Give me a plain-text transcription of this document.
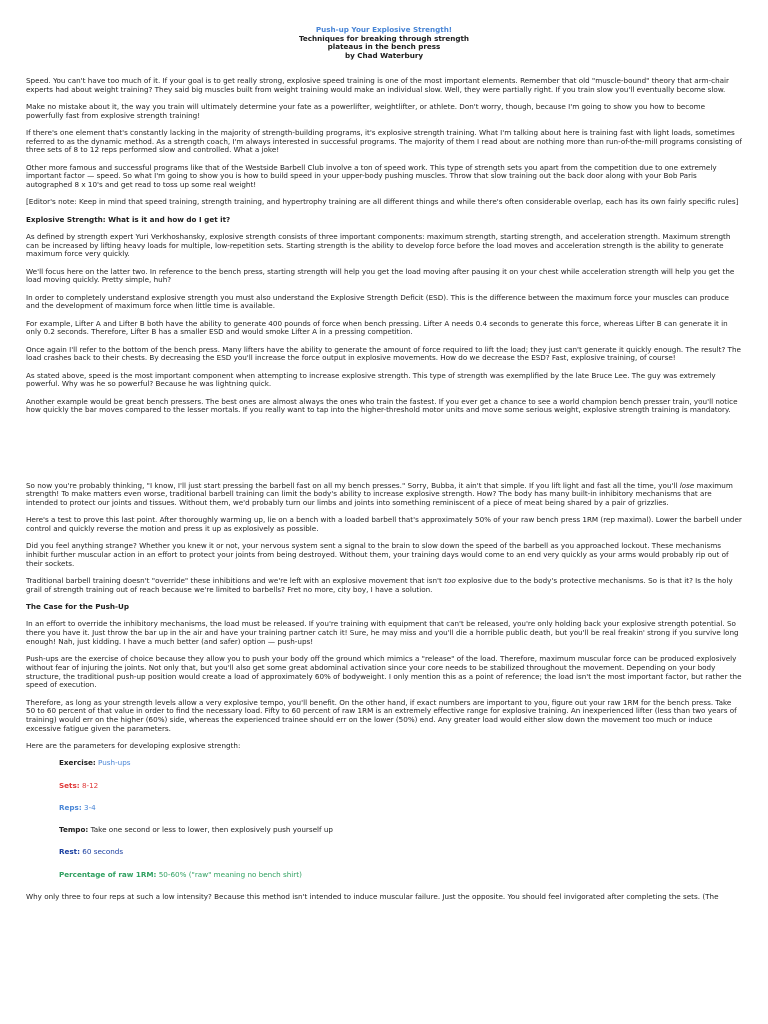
Push-up Your Explosive Strength!
Techniques for breaking through strength
plateaus in the bench press
by Chad Waterbury

Speed. You can't have too much of it. If your goal is to get really strong, explosive speed training is one of the most important elements. Remember that old "muscle-bound" theory that arm-chair experts had about weight training? They said big muscles built from weight training would make an individual slow. Well, they were partially right. If you train slow you'll eventually become slow.

Make no mistake about it, the way you train will ultimately determine your fate as a powerlifter, weightlifter, or athlete. Don't worry, though, because I'm going to show you how to become powerfully fast from explosive strength training!

If there's one element that's constantly lacking in the majority of strength-building programs, it's explosive strength training. What I'm talking about here is training fast with light loads, sometimes referred to as the dynamic method. As a strength coach, I'm always interested in successful programs. The majority of them I read about are nothing more than run-of-the-mill programs consisting of three sets of 8 to 12 reps performed slow and controlled. What a joke!

Other more famous and successful programs like that of the Westside Barbell Club involve a ton of speed work. This type of strength sets you apart from the competition due to one extremely important factor — speed. So what I'm going to show you is how to build speed in your upper-body pushing muscles. Throw that slow training out the back door along with your Bob Paris autographed 8 x 10's and get read to toss up some real weight!

[Editor's note: Keep in mind that speed training, strength training, and hypertrophy training are all different things and while there's often considerable overlap, each has its own fairly specific rules]

Explosive Strength: What is it and how do I get it?

As defined by strength expert Yuri Verkhoshansky, explosive strength consists of three important components: maximum strength, starting strength, and acceleration strength. Maximum strength can be increased by lifting heavy loads for multiple, low-repetition sets. Starting strength is the ability to develop force before the load moves and acceleration strength is the ability to generate maximum force very quickly.

We'll focus here on the latter two. In reference to the bench press, starting strength will help you get the load moving after pausing it on your chest while acceleration strength will help you get the load moving quickly. Pretty simple, huh?

In order to completely understand explosive strength you must also understand the Explosive Strength Deficit (ESD). This is the difference between the maximum force your muscles can produce and the development of maximum force when little time is available.

For example, Lifter A and Lifter B both have the ability to generate 400 pounds of force when bench pressing. Lifter A needs 0.4 seconds to generate this force, whereas Lifter B can generate it in only 0.2 seconds. Therefore, Lifter B has a smaller ESD and would smoke Lifter A in a pressing competition.

Once again I'll refer to the bottom of the bench press. Many lifters have the ability to generate the amount of force required to lift the load; they just can't generate it quickly enough. The result? The load crashes back to their chests. By decreasing the ESD you'll increase the force output in explosive movements. How do we decrease the ESD? Fast, explosive training, of course!

As stated above, speed is the most important component when attempting to increase explosive strength. This type of strength was exemplified by the late Bruce Lee. The guy was extremely powerful. Why was he so powerful? Because he was lightning quick.

Another example would be great bench pressers. The best ones are almost always the ones who train the fastest. If you ever get a chance to see a world champion bench presser train, you'll notice how quickly the bar moves compared to the lesser mortals. If you really want to tap into the higher-threshold motor units and move some serious weight, explosive strength training is mandatory.

So now you're probably thinking, "I know, I'll just start pressing the barbell fast on all my bench presses." Sorry, Bubba, it ain't that simple. If you lift light and fast all the time, you'll lose maximum strength! To make matters even worse, traditional barbell training can limit the body's ability to increase explosive strength. How? The body has many built-in inhibitory mechanisms that are intended to protect our joints and tissues. Without them, we'd probably turn our limbs and joints into something reminiscent of a piece of meat being shared by a pair of grizzlies.

Here's a test to prove this last point. After thoroughly warming up, lie on a bench with a loaded barbell that's approximately 50% of your raw bench press 1RM (rep maximal). Lower the barbell under control and quickly reverse the motion and press it up as explosively as possible.

Did you feel anything strange? Whether you knew it or not, your nervous system sent a signal to the brain to slow down the speed of the barbell as you approached lockout. These mechanisms inhibit further muscular action in an effort to protect your joints from being destroyed. Without them, your training days would come to an end very quickly as your arms would probably rip out of their sockets.

Traditional barbell training doesn't "override" these inhibitions and we're left with an explosive movement that isn't too explosive due to the body's protective mechanisms. So is that it? Is the holy grail of strength training out of reach because we're limited to barbells? Fret no more, city boy, I have a solution.

The Case for the Push-Up

In an effort to override the inhibitory mechanisms, the load must be released. If you're training with equipment that can't be released, you're only holding back your explosive strength potential. So there you have it. Just throw the bar up in the air and have your training partner catch it! Sure, he may miss and you'll die a horrible public death, but you'll be real freakin' strong if you survive long enough! Nah, just kidding. I have a much better (and safer) option — push-ups!

Push-ups are the exercise of choice because they allow you to push your body off the ground which mimics a "release" of the load. Therefore, maximum muscular force can be produced explosively without fear of injuring the joints. Not only that, but you'll also get some great abdominal activation since your core needs to be stabilized throughout the movement. Depending on your body structure, the traditional push-up position would create a load of approximately 60% of bodyweight. I only mention this as a point of reference; the load isn't the most important factor, but rather the speed of execution.

Therefore, as long as your strength levels allow a very explosive tempo, you'll benefit. On the other hand, if exact numbers are important to you, figure out your raw 1RM for the bench press. Take 50 to 60 percent of that value in order to find the necessary load. Fifty to 60 percent of raw 1RM is an extremely effective range for explosive training. An inexperienced lifter (less than two years of training) would err on the higher (60%) side, whereas the experienced trainee should err on the lower (50%) end. Any greater load would either slow down the movement too much or induce excessive fatigue given the parameters.

Here are the parameters for developing explosive strength:

Exercise: Push-ups
Sets: 8-12
Reps: 3-4
Tempo: Take one second or less to lower, then explosively push yourself up
Rest: 60 seconds
Percentage of raw 1RM: 50-60% ("raw" meaning no bench shirt)

Why only three to four reps at such a low intensity? Because this method isn't intended to induce muscular failure. Just the opposite. You should feel invigorated after completing the sets. (The
